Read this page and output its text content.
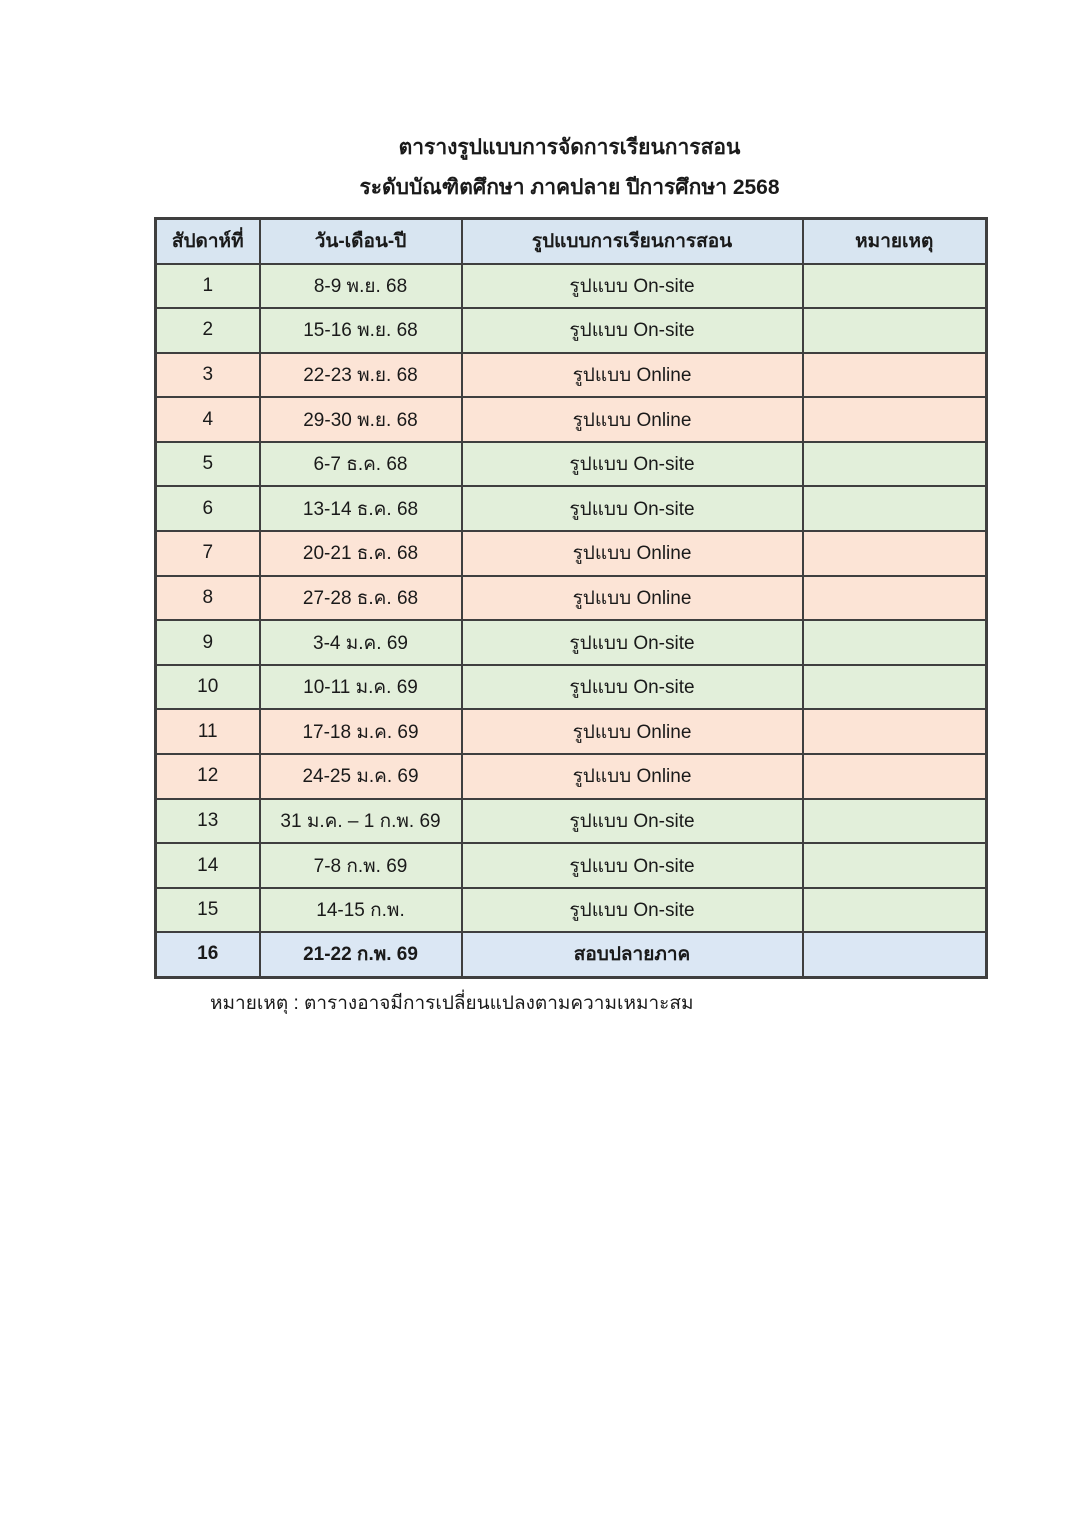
ตารางรูปแบบการจัดการเรียนการสอน
ระดับบัณฑิตศึกษา ภาคปลาย ปีการศึกษา 2568
สัปดาห์ที่	วัน-เดือน-ปี	รูปแบบการเรียนการสอน	หมายเหตุ
1	8-9 พ.ย. 68	รูปแบบ On-site	
2	15-16 พ.ย. 68	รูปแบบ On-site	
3	22-23 พ.ย. 68	รูปแบบ Online	
4	29-30 พ.ย. 68	รูปแบบ Online	
5	6-7 ธ.ค. 68	รูปแบบ On-site	
6	13-14 ธ.ค. 68	รูปแบบ On-site	
7	20-21 ธ.ค. 68	รูปแบบ Online	
8	27-28 ธ.ค. 68	รูปแบบ Online	
9	3-4 ม.ค. 69	รูปแบบ On-site	
10	10-11 ม.ค. 69	รูปแบบ On-site	
11	17-18 ม.ค. 69	รูปแบบ Online	
12	24-25 ม.ค. 69	รูปแบบ Online	
13	31 ม.ค. – 1 ก.พ. 69	รูปแบบ On-site	
14	7-8 ก.พ. 69	รูปแบบ On-site	
15	14-15 ก.พ.	รูปแบบ On-site	
16	21-22 ก.พ. 69	สอบปลายภาค	
หมายเหตุ : ตารางอาจมีการเปลี่ยนแปลงตามความเหมาะสม
